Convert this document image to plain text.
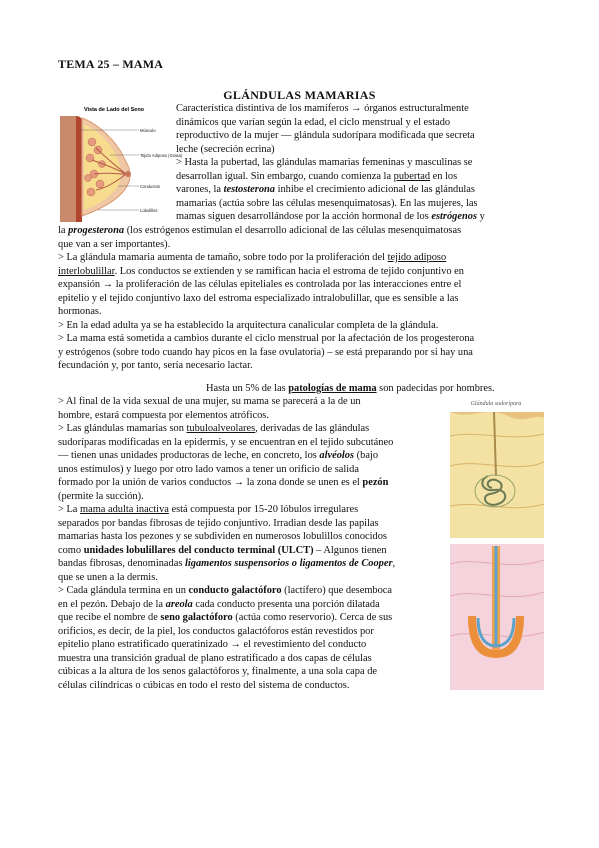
TEMA 25 – MAMA
GLÁNDULAS MAMARIAS
Vista de Lado del Seno
Músculo
Tejido Adiposo (Grasa)
Conductos
Lobulillos
Glándula sudorípara
Característica distintiva de los mamíferos → órganos estructuralmente
dinámicos que varían según la edad, el ciclo menstrual y el estado
reproductivo de la mujer — glándula sudorípara modificada que secreta
leche (secreción ecrina)
> Hasta la pubertad, las glándulas mamarias femeninas y masculinas se
desarrollan igual. Sin embargo, cuando comienza la pubertad en los
varones, la testosterona inhibe el crecimiento adicional de las glándulas
mamarias (actúa sobre las células mesenquimatosas). En las mujeres, las
mamas siguen desarrollándose por la acción hormonal de los estrógenos y
la progesterona (los estrógenos estimulan el desarrollo adicional de las células mesenquimatosas
que van a ser importantes).
> La glándula mamaria aumenta de tamaño, sobre todo por la proliferación del tejido adiposo
interlobulillar. Los conductos se extienden y se ramifican hacia el estroma de tejido conjuntivo en
expansión → la proliferación de las células epiteliales es controlada por las interacciones entre el
epitelio y el tejido conjuntivo laxo del estroma especializado intralobulillar, que es sensible a las
hormonas.
> En la edad adulta ya se ha establecido la arquitectura canalicular completa de la glándula.
> La mama está sometida a cambios durante el ciclo menstrual por la afectación de los progesterona
y estrógenos (sobre todo cuando hay picos en la fase ovulatoria) – se está preparando por si hay una
fecundación y, por tanto, sería necesario lactar.
Hasta un 5% de las patologías de mama son padecidas por hombres.
> Al final de la vida sexual de una mujer, su mama se parecerá a la de un
hombre, estará compuesta por elementos atróficos.
> Las glándulas mamarias son tubuloalveolares, derivadas de las glándulas
sudoríparas modificadas en la epidermis, y se encuentran en el tejido subcutáneo
— tienen unas unidades productoras de leche, en concreto, los alvéolos (bajo
unos estímulos) y luego por otro lado vamos a tener un orificio de salida
formado por la unión de varios conductos → la zona donde se unen es el pezón
(permite la succión).
> La mama adulta inactiva está compuesta por 15-20 lóbulos irregulares
separados por bandas fibrosas de tejido conjuntivo. Irradian desde las papilas
mamarias hasta los pezones y se subdividen en numerosos lobulillos conocidos
como unidades lobulillares del conducto terminal (ULCT) – Algunos tienen
bandas fibrosas, denominadas ligamentos suspensorios o ligamentos de Cooper,
que se unen a la dermis.
> Cada glándula termina en un conducto galactóforo (lactífero) que desemboca
en el pezón. Debajo de la areola cada conducto presenta una porción dilatada
que recibe el nombre de seno galactóforo (actúa como reservorio). Cerca de sus
orificios, es decir, de la piel, los conductos galactóforos están revestidos por
epitelio plano estratificado queratinizado → el revestimiento del conducto
muestra una transición gradual de plano estratificado a dos capas de células
cúbicas a la altura de los senos galactóforos y, finalmente, a una sola capa de
células cilíndricas o cúbicas en todo el resto del sistema de conductos.
